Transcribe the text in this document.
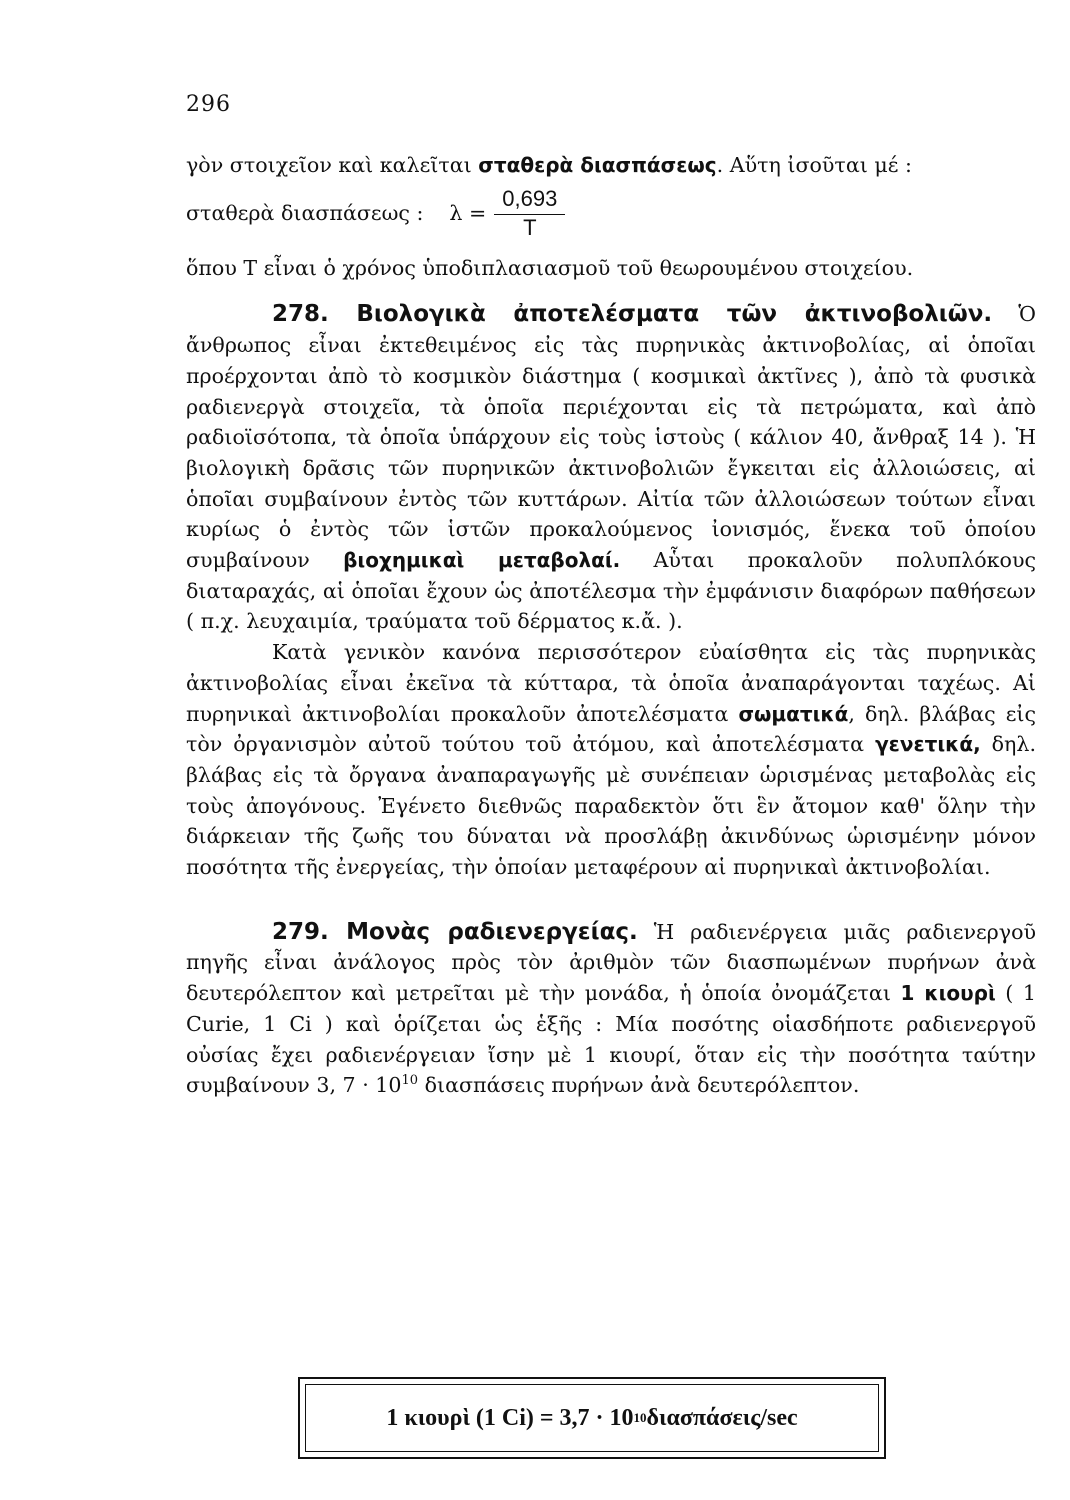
296

γὸν στοιχεῖον καὶ καλεῖται σταθερὰ διασπάσεως. Αὕτη ἰσοῦται μέ :

σταθερὰ διασπάσεως : $\lambda = \frac{0,693}{T}$

ὅπου T εἶναι ὁ χρόνος ὑποδιπλασιασμοῦ τοῦ θεωρουμένου στοιχείου.

278. Βιολογικὰ ἀποτελέσματα τῶν ἀκτινοβολιῶν. Ὁ ἄνθρωπος εἶναι ἐκτεθειμένος εἰς τὰς πυρηνικὰς ἀκτινοβολίας, αἱ ὁποῖαι προέρχονται ἀπὸ τὸ κοσμικὸν διάστημα ( κοσμικαὶ ἀκτῖνες ), ἀπὸ τὰ φυσικὰ ραδιενεργὰ στοιχεῖα, τὰ ὁποῖα περιέχονται εἰς τὰ πετρώματα, καὶ ἀπὸ ραδιοϊσότοπα, τὰ ὁποῖα ὑπάρχουν εἰς τοὺς ἱστοὺς ( κάλιον 40, ἄνθραξ 14 ). Ἡ βιολογικὴ δρᾶσις τῶν πυρηνικῶν ἀκτινοβολιῶν ἔγκειται εἰς ἀλλοιώσεις, αἱ ὁποῖαι συμβαίνουν ἐντὸς τῶν κυττάρων. Αἰτία τῶν ἀλλοιώσεων τούτων εἶναι κυρίως ὁ ἐντὸς τῶν ἱστῶν προκαλούμενος ἰονισμός, ἕνεκα τοῦ ὁποίου συμβαίνουν βιοχημικαὶ μεταβολαί. Αὗται προκαλοῦν πολυπλόκους διαταραχάς, αἱ ὁποῖαι ἔχουν ὡς ἀποτέλεσμα τὴν ἐμφάνισιν διαφόρων παθήσεων ( π.χ. λευχαιμία, τραύματα τοῦ δέρματος κ.ἄ. ).

Κατὰ γενικὸν κανόνα περισσότερον εὐαίσθητα εἰς τὰς πυρηνικὰς ἀκτινοβολίας εἶναι ἐκεῖνα τὰ κύτταρα, τὰ ὁποῖα ἀναπαράγονται ταχέως. Αἱ πυρηνικαὶ ἀκτινοβολίαι προκαλοῦν ἀποτελέσματα σωματικά, δηλ. βλάβας εἰς τὸν ὀργανισμὸν αὐτοῦ τούτου τοῦ ἀτόμου, καὶ ἀποτελέσματα γενετικά, δηλ. βλάβας εἰς τὰ ὄργανα ἀναπαραγωγῆς μὲ συνέπειαν ὡρισμένας μεταβολὰς εἰς τοὺς ἀπογόνους. Ἐγένετο διεθνῶς παραδεκτὸν ὅτι ἓν ἄτομον καθ' ὅλην τὴν διάρκειαν τῆς ζωῆς του δύναται νὰ προσλάβῃ ἀκινδύνως ὡρισμένην μόνον ποσότητα τῆς ἐνεργείας, τὴν ὁποίαν μεταφέρουν αἱ πυρηνικαὶ ἀκτινοβολίαι.

279. Μονὰς ραδιενεργείας. Ἡ ραδιενέργεια μιᾶς ραδιενεργοῦ πηγῆς εἶναι ἀνάλογος πρὸς τὸν ἀριθμὸν τῶν διασπωμένων πυρήνων ἀνὰ δευτερόλεπτον καὶ μετρεῖται μὲ τὴν μονάδα, ἡ ὁποία ὀνομάζεται 1 κιουρὶ ( 1 Curie, 1 Ci ) καὶ ὁρίζεται ὡς ἑξῆς : Μία ποσότης οἱασδήποτε ραδιενεργοῦ οὐσίας ἔχει ραδιενέργειαν ἴσην μὲ 1 κιουρί, ὅταν εἰς τὴν ποσότητα ταύτην συμβαίνουν 3, $7 \cdot 10^{10}$ διασπάσεις πυρήνων ἀνὰ δευτερόλεπτον.

1 κιουρὶ (1 Ci) = 3,7 · 10 10 διασπάσεις/sec
